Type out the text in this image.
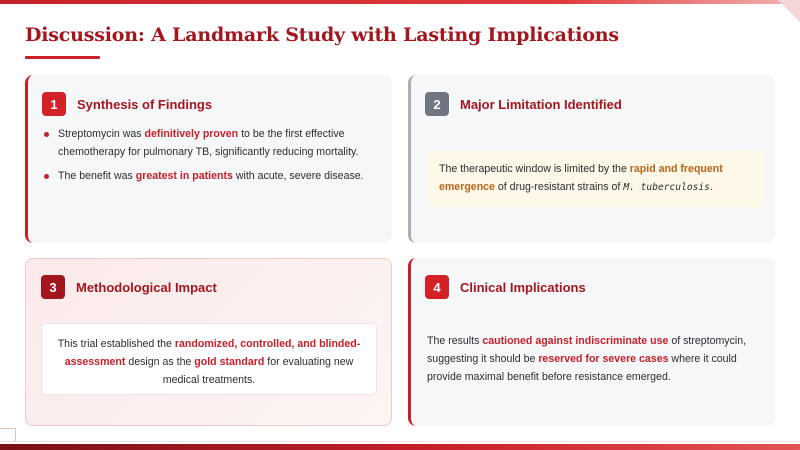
Discussion: A Landmark Study with Lasting Implications
1	Synthesis of Findings
Streptomycin was definitively proven to be the first effective chemotherapy for pulmonary TB, significantly reducing mortality.
The benefit was greatest in patients with acute, severe disease.
2	Major Limitation Identified
The therapeutic window is limited by the rapid and frequent emergence of drug-resistant strains of M. tuberculosis.
3	Methodological Impact
This trial established the randomized, controlled, and blinded-assessment design as the gold standard for evaluating new medical treatments.
4	Clinical Implications
The results cautioned against indiscriminate use of streptomycin, suggesting it should be reserved for severe cases where it could provide maximal benefit before resistance emerged.
